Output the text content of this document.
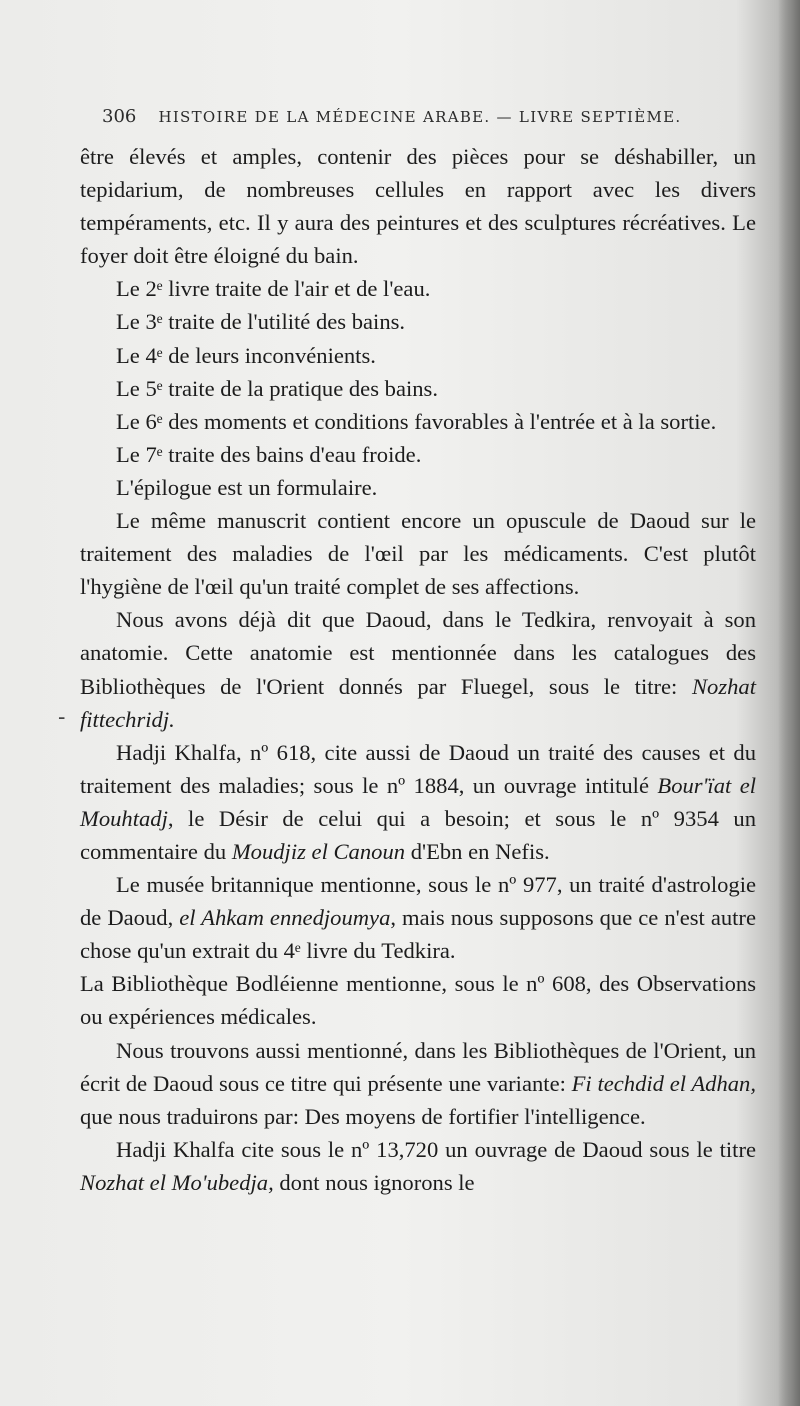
306 HISTOIRE DE LA MÉDECINE ARABE. — LIVRE SEPTIÈME.
-

être élevés et amples, contenir des pièces pour se déshabiller, un tepidarium, de nombreuses cellules en rapport avec les divers tempéraments, etc. Il y aura des peintures et des sculptures récréatives. Le foyer doit être éloigné du bain.

Le 2ᵉ livre traite de l'air et de l'eau.

Le 3ᵉ traite de l'utilité des bains.

Le 4ᵉ de leurs inconvénients.

Le 5ᵉ traite de la pratique des bains.

Le 6ᵉ des moments et conditions favorables à l'entrée et à la sortie.

Le 7ᵉ traite des bains d'eau froide.

L'épilogue est un formulaire.

Le même manuscrit contient encore un opuscule de Daoud sur le traitement des maladies de l'œil par les médicaments. C'est plutôt l'hygiène de l'œil qu'un traité complet de ses affections.

Nous avons déjà dit que Daoud, dans le Tedkira, renvoyait à son anatomie. Cette anatomie est mentionnée dans les catalogues des Bibliothèques de l'Orient donnés par Fluegel, sous le titre: Nozhat fittechridj.

Hadji Khalfa, nº 618, cite aussi de Daoud un traité des causes et du traitement des maladies; sous le nº 1884, un ouvrage intitulé Bour'ïat el Mouhtadj, le Désir de celui qui a besoin; et sous le nº 9354 un commentaire du Moudjiz el Canoun d'Ebn en Nefis.

Le musée britannique mentionne, sous le nº 977, un traité d'astrologie de Daoud, el Ahkam ennedjoumya, mais nous supposons que ce n'est autre chose qu'un extrait du 4ᵉ livre du Tedkira.

La Bibliothèque Bodléienne mentionne, sous le nº 608, des Observations ou expériences médicales.

Nous trouvons aussi mentionné, dans les Bibliothèques de l'Orient, un écrit de Daoud sous ce titre qui présente une variante: Fi techdid el Adhan, que nous traduirons par: Des moyens de fortifier l'intelligence.

Hadji Khalfa cite sous le nº 13,720 un ouvrage de Daoud sous le titre Nozhat el Mo'ubedja, dont nous ignorons le
